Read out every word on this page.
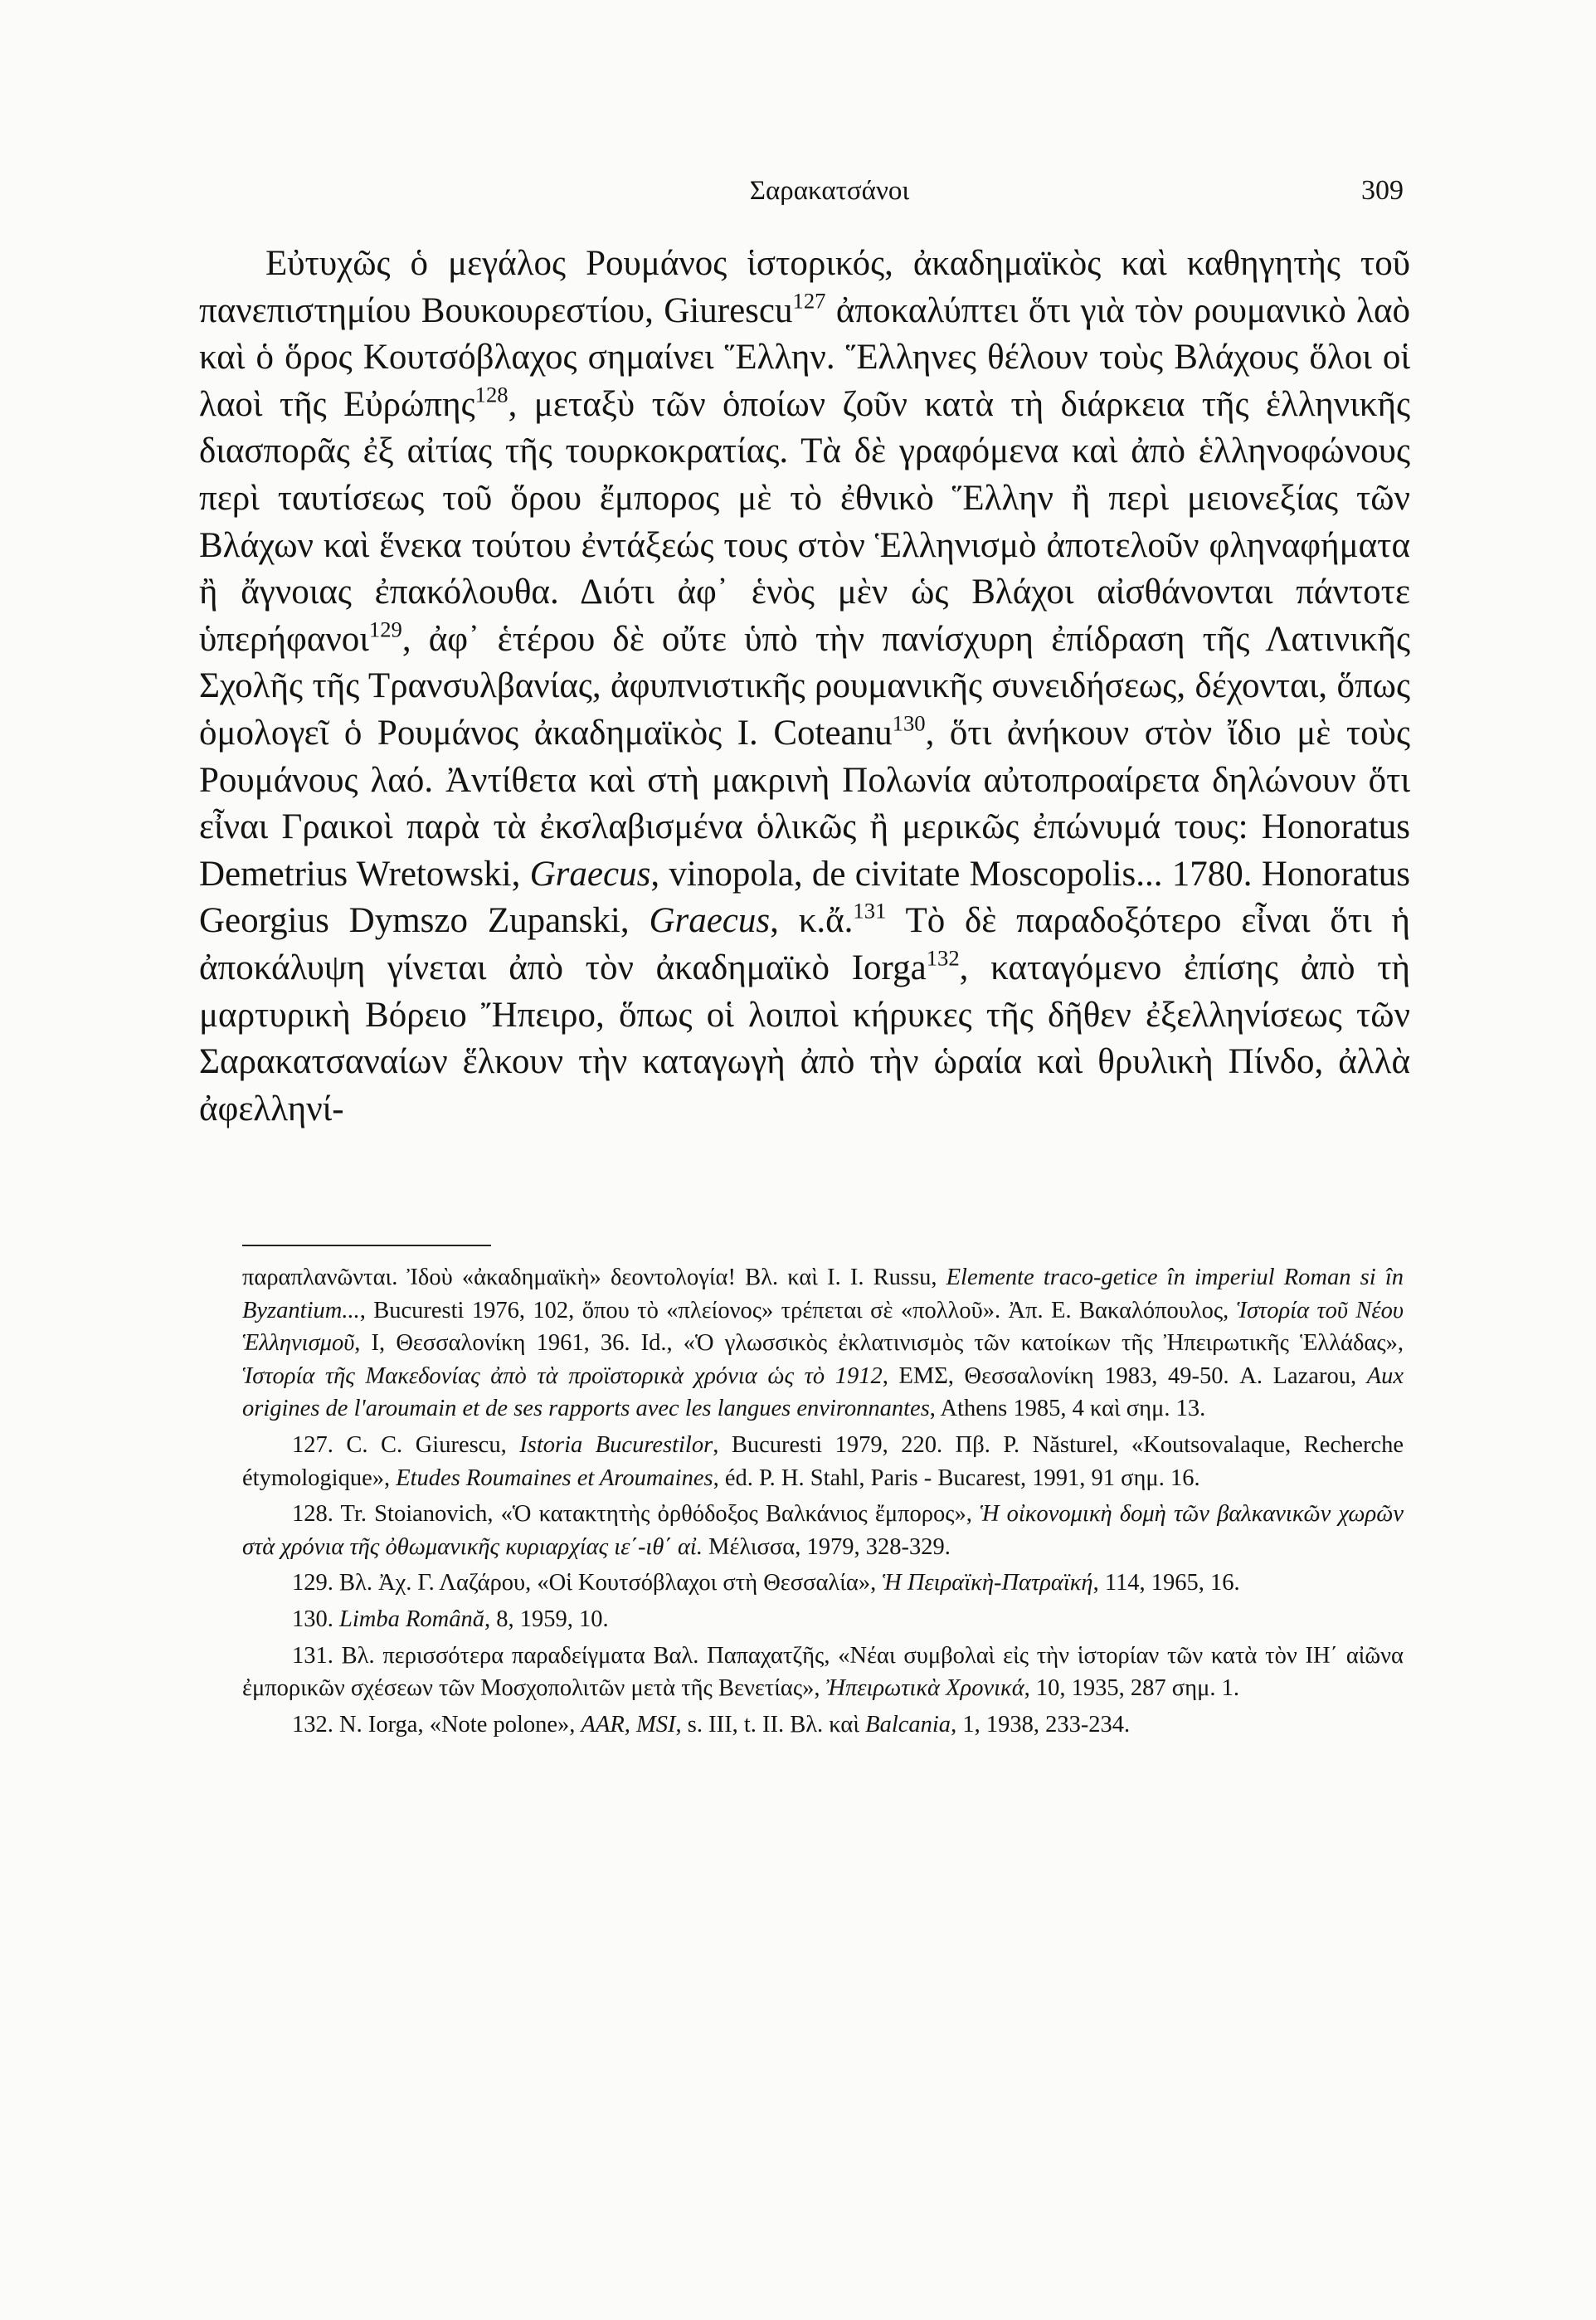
Σαρακατσάνοι	309

Εὐτυχῶς ὁ μεγάλος Ρουμάνος ἱστορικός, ἀκαδημαϊκὸς καὶ καθηγητὴς τοῦ πανεπιστημίου Βουκουρεστίου, Giurescu$^{127}$ ἀποκαλύπτει ὅτι γιὰ τὸν ρουμανικὸ λαὸ καὶ ὁ ὅρος Κουτσόβλαχος σημαίνει Ἕλλην. Ἕλληνες θέλουν τοὺς Βλάχους ὅλοι οἱ λαοὶ τῆς Εὐρώπης$^{128}$, μεταξὺ τῶν ὁποίων ζοῦν κατὰ τὴ διάρκεια τῆς ἑλληνικῆς διασπορᾶς ἐξ αἰτίας τῆς τουρκοκρατίας. Τὰ δὲ γραφόμενα καὶ ἀπὸ ἑλληνοφώνους περὶ ταυτίσεως τοῦ ὅρου ἔμπορος μὲ τὸ ἐθνικὸ Ἕλλην ἢ περὶ μειονεξίας τῶν Βλάχων καὶ ἕνεκα τούτου ἐντάξεώς τους στὸν Ἑλληνισμὸ ἀποτελοῦν φληναφήματα ἢ ἄγνοιας ἐπακόλουθα. Διότι ἀφ᾽ ἑνὸς μὲν ὡς Βλάχοι αἰσθάνονται πάντοτε ὑπερήφανοι$^{129}$, ἀφ᾽ ἑτέρου δὲ οὔτε ὑπὸ τὴν πανίσχυρη ἐπίδραση τῆς Λατινικῆς Σχολῆς τῆς Τρανσυλβανίας, ἀφυπνιστικῆς ρουμανικῆς συνειδήσεως, δέχονται, ὅπως ὁμολογεῖ ὁ Ρουμάνος ἀκαδημαϊκὸς I. Coteanu$^{130}$, ὅτι ἀνήκουν στὸν ἴδιο μὲ τοὺς Ρουμάνους λαό. Ἀντίθετα καὶ στὴ μακρινὴ Πολωνία αὐτοπροαίρετα δηλώνουν ὅτι εἶναι Γραικοὶ παρὰ τὰ ἐκσλαβισμένα ὁλικῶς ἢ μερικῶς ἐπώνυμά τους: Honoratus Demetrius Wretowski, Graecus, vinopola, de civitate Moscopolis... 1780. Honoratus Georgius Dymszo Zupanski, Graecus, κ.ἄ.$^{131}$ Τὸ δὲ παραδοξότερο εἶναι ὅτι ἡ ἀποκάλυψη γίνεται ἀπὸ τὸν ἀκαδημαϊκὸ Iorga$^{132}$, καταγόμενο ἐπίσης ἀπὸ τὴ μαρτυρικὴ Βόρειο Ἤπειρο, ὅπως οἱ λοιποὶ κήρυκες τῆς δῆθεν ἐξελληνίσεως τῶν Σαρακατσαναίων ἕλκουν τὴν καταγωγὴ ἀπὸ τὴν ὡραία καὶ θρυλικὴ Πίνδο, ἀλλὰ ἀφελληνί-

παραπλανῶνται. Ἰδοὺ «ἀκαδημαϊκὴ» δεοντολογία! Βλ. καὶ I. I. Russu, Elemente traco-getice în imperiul Roman si în Byzantium..., Bucuresti 1976, 102, ὅπου τὸ «πλείονος» τρέπεται σὲ «πολλοῦ». Ἀπ. Ε. Βακαλόπουλος, Ἱστορία τοῦ Νέου Ἑλληνισμοῦ, I, Θεσσαλονίκη 1961, 36. Id., «Ὁ γλωσσικὸς ἐκλατινισμὸς τῶν κατοίκων τῆς Ἠπειρωτικῆς Ἑλλάδας», Ἱστορία τῆς Μακεδονίας ἀπὸ τὰ προϊστορικὰ χρόνια ὡς τὸ 1912, ΕΜΣ, Θεσσαλονίκη 1983, 49-50. A. Lazarou, Aux origines de l'aroumain et de ses rapports avec les langues environnantes, Athens 1985, 4 καὶ σημ. 13.

127. C. C. Giurescu, Istoria Bucurestilor, Bucuresti 1979, 220. Πβ. P. Năsturel, «Koutsovalaque, Recherche étymologique», Etudes Roumaines et Aroumaines, éd. P. H. Stahl, Paris - Bucarest, 1991, 91 σημ. 16.

128. Tr. Stoianovich, «Ὁ κατακτητὴς ὀρθόδοξος Βαλκάνιος ἔμπορος», Ἡ οἰκονομικὴ δομὴ τῶν βαλκανικῶν χωρῶν στὰ χρόνια τῆς ὀθωμανικῆς κυριαρχίας ιε΄-ιθ΄ αἰ. Μέλισσα, 1979, 328-329.

129. Βλ. Ἀχ. Γ. Λαζάρου, «Οἱ Κουτσόβλαχοι στὴ Θεσσαλία», Ἡ Πειραϊκὴ-Πατραϊκή, 114, 1965, 16.

130. Limba Română, 8, 1959, 10.

131. Βλ. περισσότερα παραδείγματα Βαλ. Παπαχατζῆς, «Νέαι συμβολαὶ εἰς τὴν ἱστορίαν τῶν κατὰ τὸν ΙΗ΄ αἰῶνα ἐμπορικῶν σχέσεων τῶν Μοσχοπολιτῶν μετὰ τῆς Βενετίας», Ἠπειρωτικὰ Χρονικά, 10, 1935, 287 σημ. 1.

132. N. Iorga, «Note polone», AAR, MSI, s. III, t. II. Βλ. καὶ Balcania, 1, 1938, 233-234.
